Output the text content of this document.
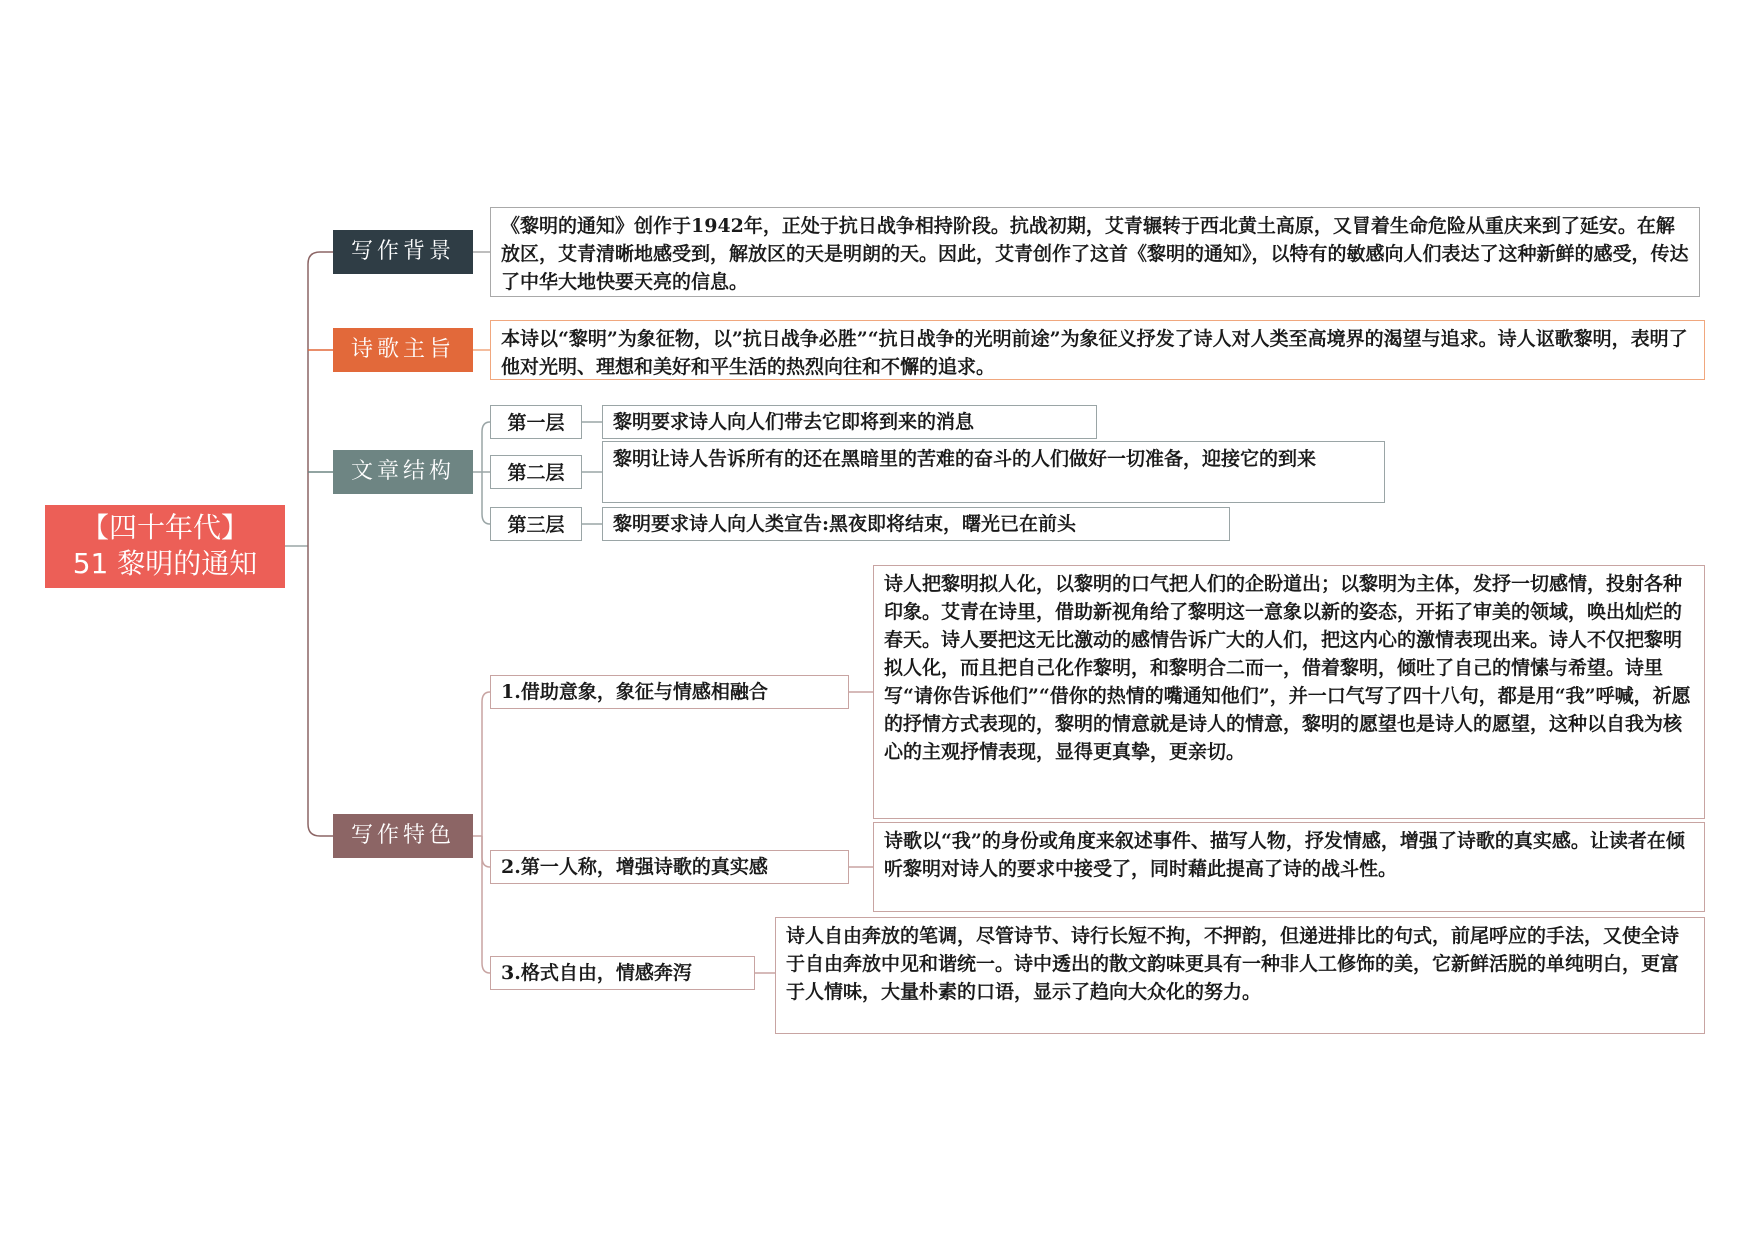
【四十年代】
51 黎明的通知
写作背景
《黎明的通知》创作于1942年，正处于抗日战争相持阶段。抗战初期，艾青辗转于西北黄土高原，又冒着生命危险从重庆来到了延安。在解放区，艾青清晰地感受到，解放区的天是明朗的天。因此，艾青创作了这首《黎明的通知》，以特有的敏感向人们表达了这种新鲜的感受，传达了中华大地快要天亮的信息。
诗歌主旨	本诗以“黎明”为象征物，以”抗日战争必胜”“抗日战争的光明前途”为象征义抒发了诗人对人类至高境界的渴望与追求。诗人讴歌黎明，表明了他对光明、理想和美好和平生活的热烈向往和不懈的追求。
文章结构
第一层	黎明要求诗人向人们带去它即将到来的消息
第二层
黎明让诗人告诉所有的还在黑暗里的苦难的奋斗的人们做好一切准备，迎接它的到来
第三层	黎明要求诗人向人类宣告:黑夜即将结束，曙光已在前头
写作特色
1.借助意象，象征与情感相融合
诗人把黎明拟人化，以黎明的口气把人们的企盼道出；以黎明为主体，发抒一切感情，投射各种印象。艾青在诗里，借助新视角给了黎明这一意象以新的姿态，开拓了审美的领域，唤出灿烂的春天。诗人要把这无比激动的感情告诉广大的人们，把这内心的激情表现出来。诗人不仅把黎明拟人化，而且把自己化作黎明，和黎明合二而一，借着黎明，倾吐了自己的情愫与希望。诗里写“请你告诉他们”“借你的热情的嘴通知他们”，并一口气写了四十八句，都是用“我”呼喊，祈愿的抒情方式表现的，黎明的情意就是诗人的情意，黎明的愿望也是诗人的愿望，这种以自我为核心的主观抒情表现，显得更真挚，更亲切。
2.第一人称，增强诗歌的真实感
诗歌以“我”的身份或角度来叙述事件、描写人物，抒发情感，增强了诗歌的真实感。让读者在倾听黎明对诗人的要求中接受了，同时藉此提高了诗的战斗性。
3.格式自由，情感奔泻
诗人自由奔放的笔调，尽管诗节、诗行长短不拘，不押韵，但递进排比的句式，前尾呼应的手法，又使全诗于自由奔放中见和谐统一。诗中透出的散文韵味更具有一种非人工修饰的美，它新鲜活脱的单纯明白，更富于人情味，大量朴素的口语，显示了趋向大众化的努力。
